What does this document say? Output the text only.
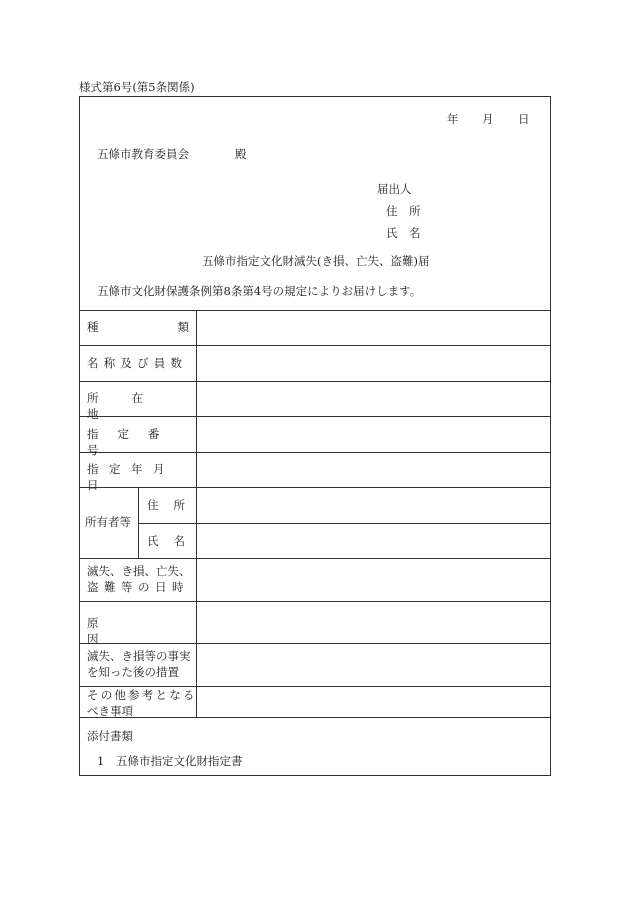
様式第6号(第5条関係)
年 月 日
五條市教育委員会	殿
届出人
住　所
氏　名
五條市指定文化財滅失(き損、亡失、盗難)届
五條市文化財保護条例第8条第4号の規定によりお届けします。
種	類
名称及び員数
所在地
指定番号
指定年月日
所有者等
住所
氏名
滅失、き損、亡失、
盗難等の日時
原因
滅失、き損等の事実
を知った後の措置
その他参考となる
べき事項
添付書類
1 五條市指定文化財指定書
